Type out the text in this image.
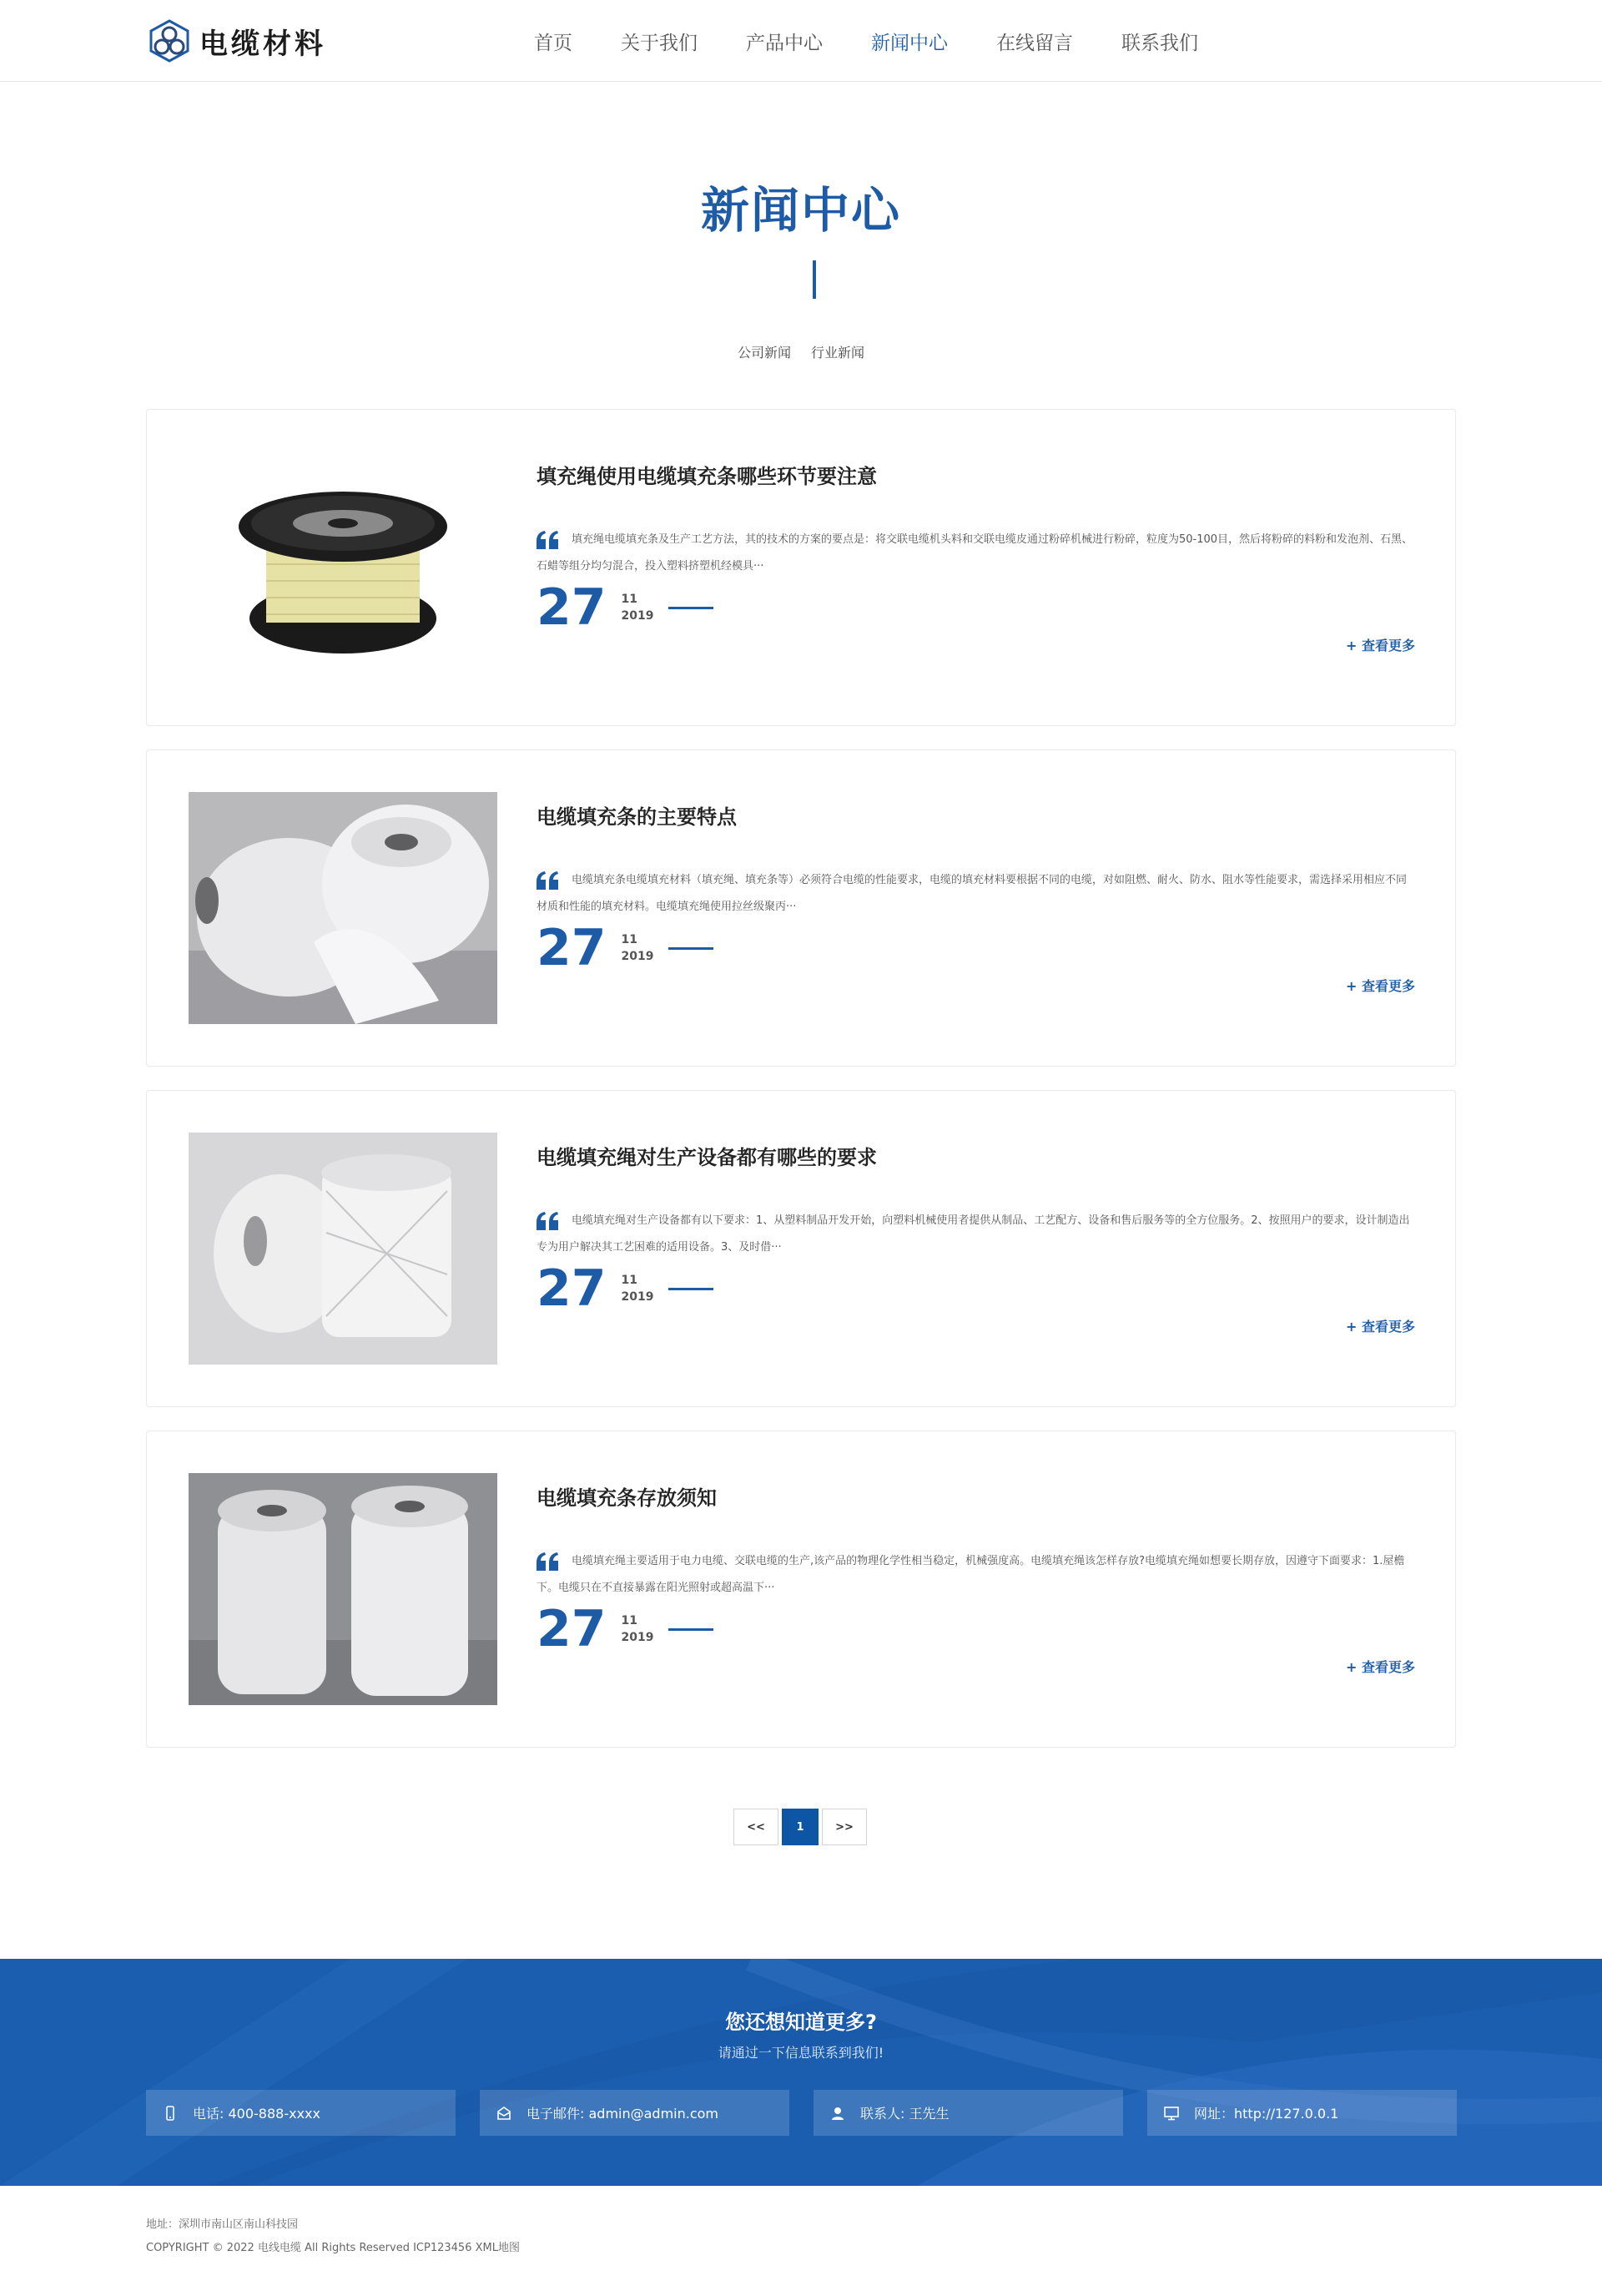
电缆材料	首页	关于我们	产品中心	新闻中心	在线留言	联系我们
新闻中心
公司新闻 行业新闻
填充绳使用电缆填充条哪些环节要注意
填充绳电缆填充条及生产工艺方法，其的技术的方案的要点是：将交联电缆机头料和交联电缆皮通过粉碎机械进行粉碎，粒度为50-100目，然后将粉碎的料粉和发泡剂、石黑、石蜡等组分均匀混合，投入塑料挤塑机经模具···
27 11
2019
+ 查看更多
电缆填充条的主要特点
电缆填充条电缆填充材料（填充绳、填充条等）必须符合电缆的性能要求，电缆的填充材料要根据不同的电缆，对如阻燃、耐火、防水、阻水等性能要求，需选择采用相应不同材质和性能的填充材料。电缆填充绳使用拉丝级聚丙···
27 11
2019
+ 查看更多
电缆填充绳对生产设备都有哪些的要求
电缆填充绳对生产设备都有以下要求：1、从塑料制品开发开始，向塑料机械使用者提供从制品、工艺配方、设备和售后服务等的全方位服务。2、按照用户的要求，设计制造出专为用户解决其工艺困难的适用设备。3、及时借···
27 11
2019
+ 查看更多
电缆填充条存放须知
电缆填充绳主要适用于电力电缆、交联电缆的生产,该产品的物理化学性相当稳定，机械强度高。电缆填充绳该怎样存放?电缆填充绳如想要长期存放，因遵守下面要求：1.屋檐下。电缆只在不直接暴露在阳光照射或超高温下···
27 11
2019
+ 查看更多
<<	1	>>
您还想知道更多?
请通过一下信息联系到我们!
电话: 400-888-xxxx	电子邮件: admin@admin.com	联系人: 王先生	网址：http://127.0.0.1
地址：深圳市南山区南山科技园
COPYRIGHT © 2022 电线电缆 All Rights Reserved ICP123456 XML地图
